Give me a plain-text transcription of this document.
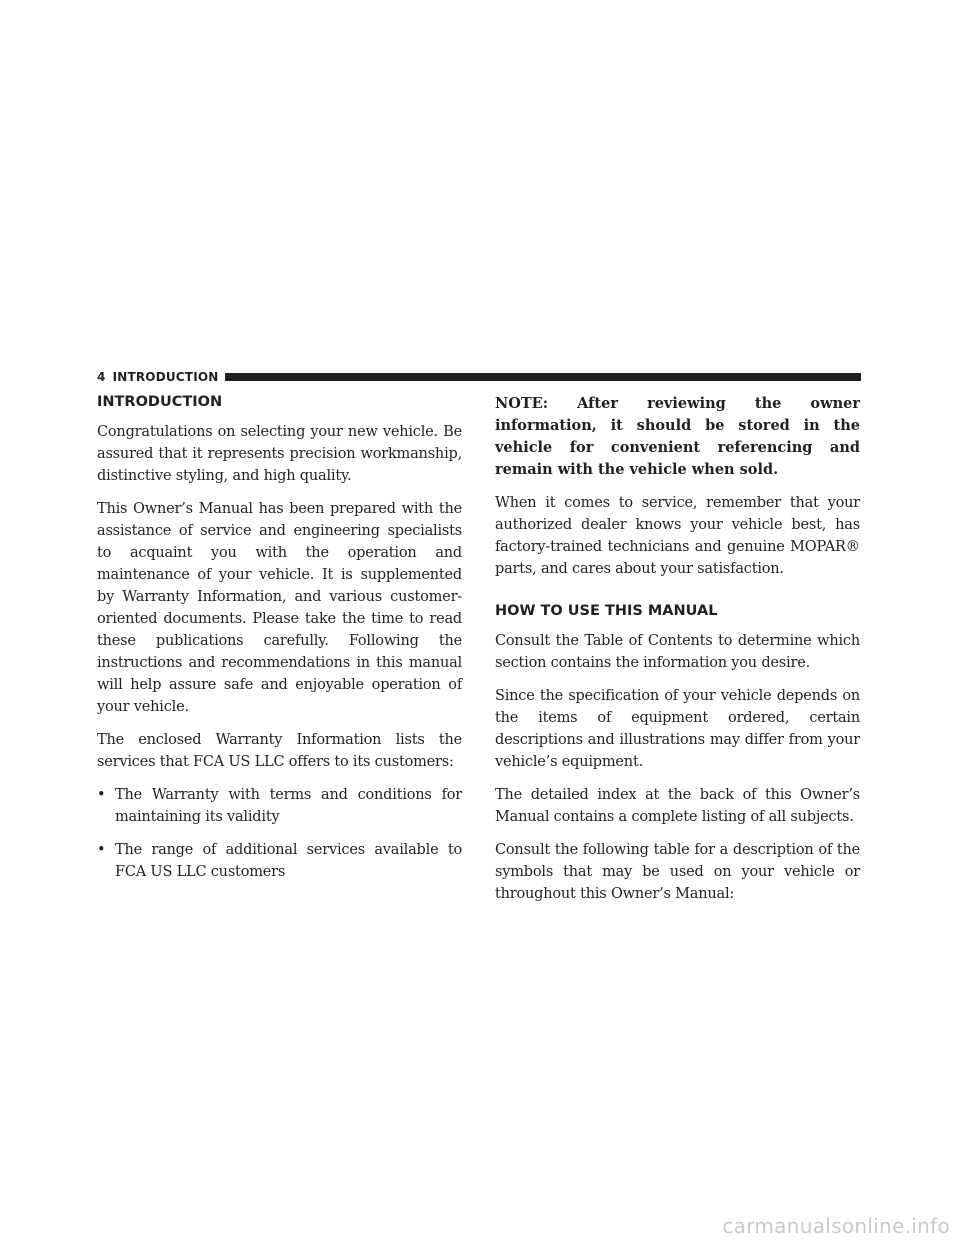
4 INTRODUCTION
INTRODUCTION

Congratulations on selecting your new vehicle. Be assured that it represents precision workmanship, distinctive styling, and high quality.

This Owner’s Manual has been prepared with the assistance of service and engineering specialists to acquaint you with the operation and maintenance of your vehicle. It is supplemented by Warranty Information, and various customer-oriented documents. Please take the time to read these publications carefully. Following the instructions and recommendations in this manual will help assure safe and enjoyable operation of your vehicle.

The enclosed Warranty Information lists the services that FCA US LLC offers to its customers:

• The Warranty with terms and conditions for maintaining its validity
• The range of additional services available to FCA US LLC customers

NOTE: After reviewing the owner information, it should be stored in the vehicle for convenient referencing and remain with the vehicle when sold.

When it comes to service, remember that your authorized dealer knows your vehicle best, has factory-trained technicians and genuine MOPAR® parts, and cares about your satisfaction.

HOW TO USE THIS MANUAL

Consult the Table of Contents to determine which section contains the information you desire.

Since the specification of your vehicle depends on the items of equipment ordered, certain descriptions and illustrations may differ from your vehicle’s equipment.

The detailed index at the back of this Owner’s Manual contains a complete listing of all subjects.

Consult the following table for a description of the symbols that may be used on your vehicle or throughout this Owner’s Manual:

carmanualsonline.info
